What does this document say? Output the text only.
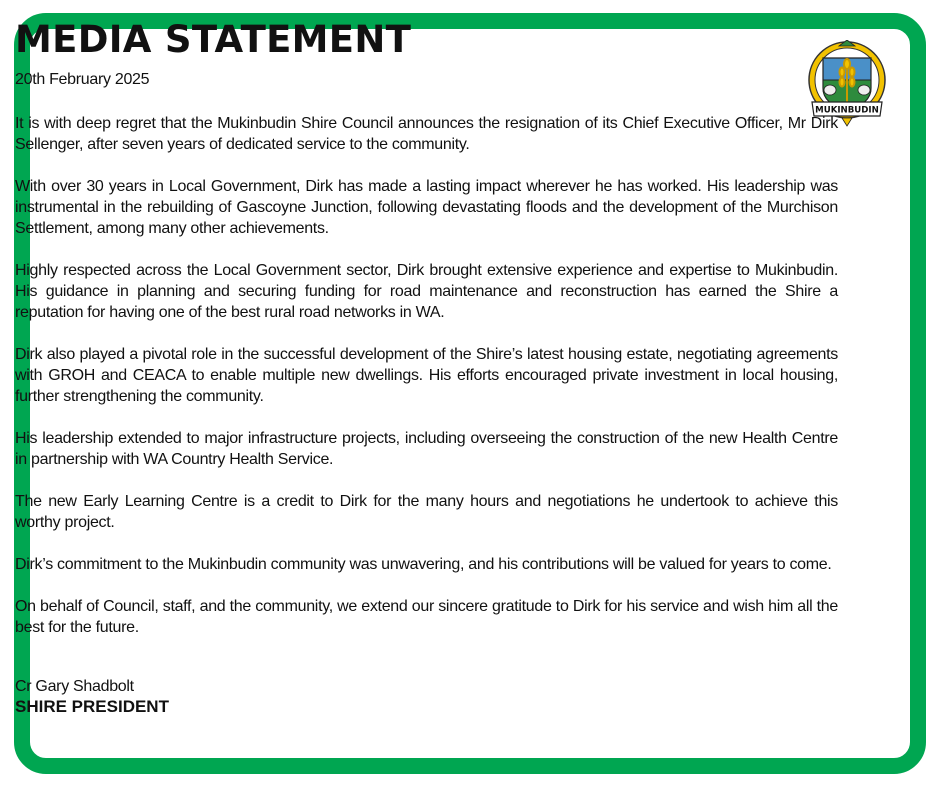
MEDIA STATEMENT
20th February 2025
MUKINBUDIN

It is with deep regret that the Mukinbudin Shire Council announces the resignation of its Chief Executive Officer, Mr Dirk Sellenger, after seven years of dedicated service to the community.

With over 30 years in Local Government, Dirk has made a lasting impact wherever he has worked. His leadership was instrumental in the rebuilding of Gascoyne Junction, following devastating floods and the development of the Murchison Settlement, among many other achievements.

Highly respected across the Local Government sector, Dirk brought extensive experience and expertise to Mukinbudin. His guidance in planning and securing funding for road maintenance and reconstruction has earned the Shire a reputation for having one of the best rural road networks in WA.

Dirk also played a pivotal role in the successful development of the Shire’s latest housing estate, negotiating agreements with GROH and CEACA to enable multiple new dwellings. His efforts encouraged private investment in local housing, further strengthening the community.

His leadership extended to major infrastructure projects, including overseeing the construction of the new Health Centre in partnership with WA Country Health Service.

The new Early Learning Centre is a credit to Dirk for the many hours and negotiations he undertook to achieve this worthy project.

Dirk’s commitment to the Mukinbudin community was unwavering, and his contributions will be valued for years to come.

On behalf of Council, staff, and the community, we extend our sincere gratitude to Dirk for his service and wish him all the best for the future.

Cr Gary Shadbolt
SHIRE PRESIDENT
